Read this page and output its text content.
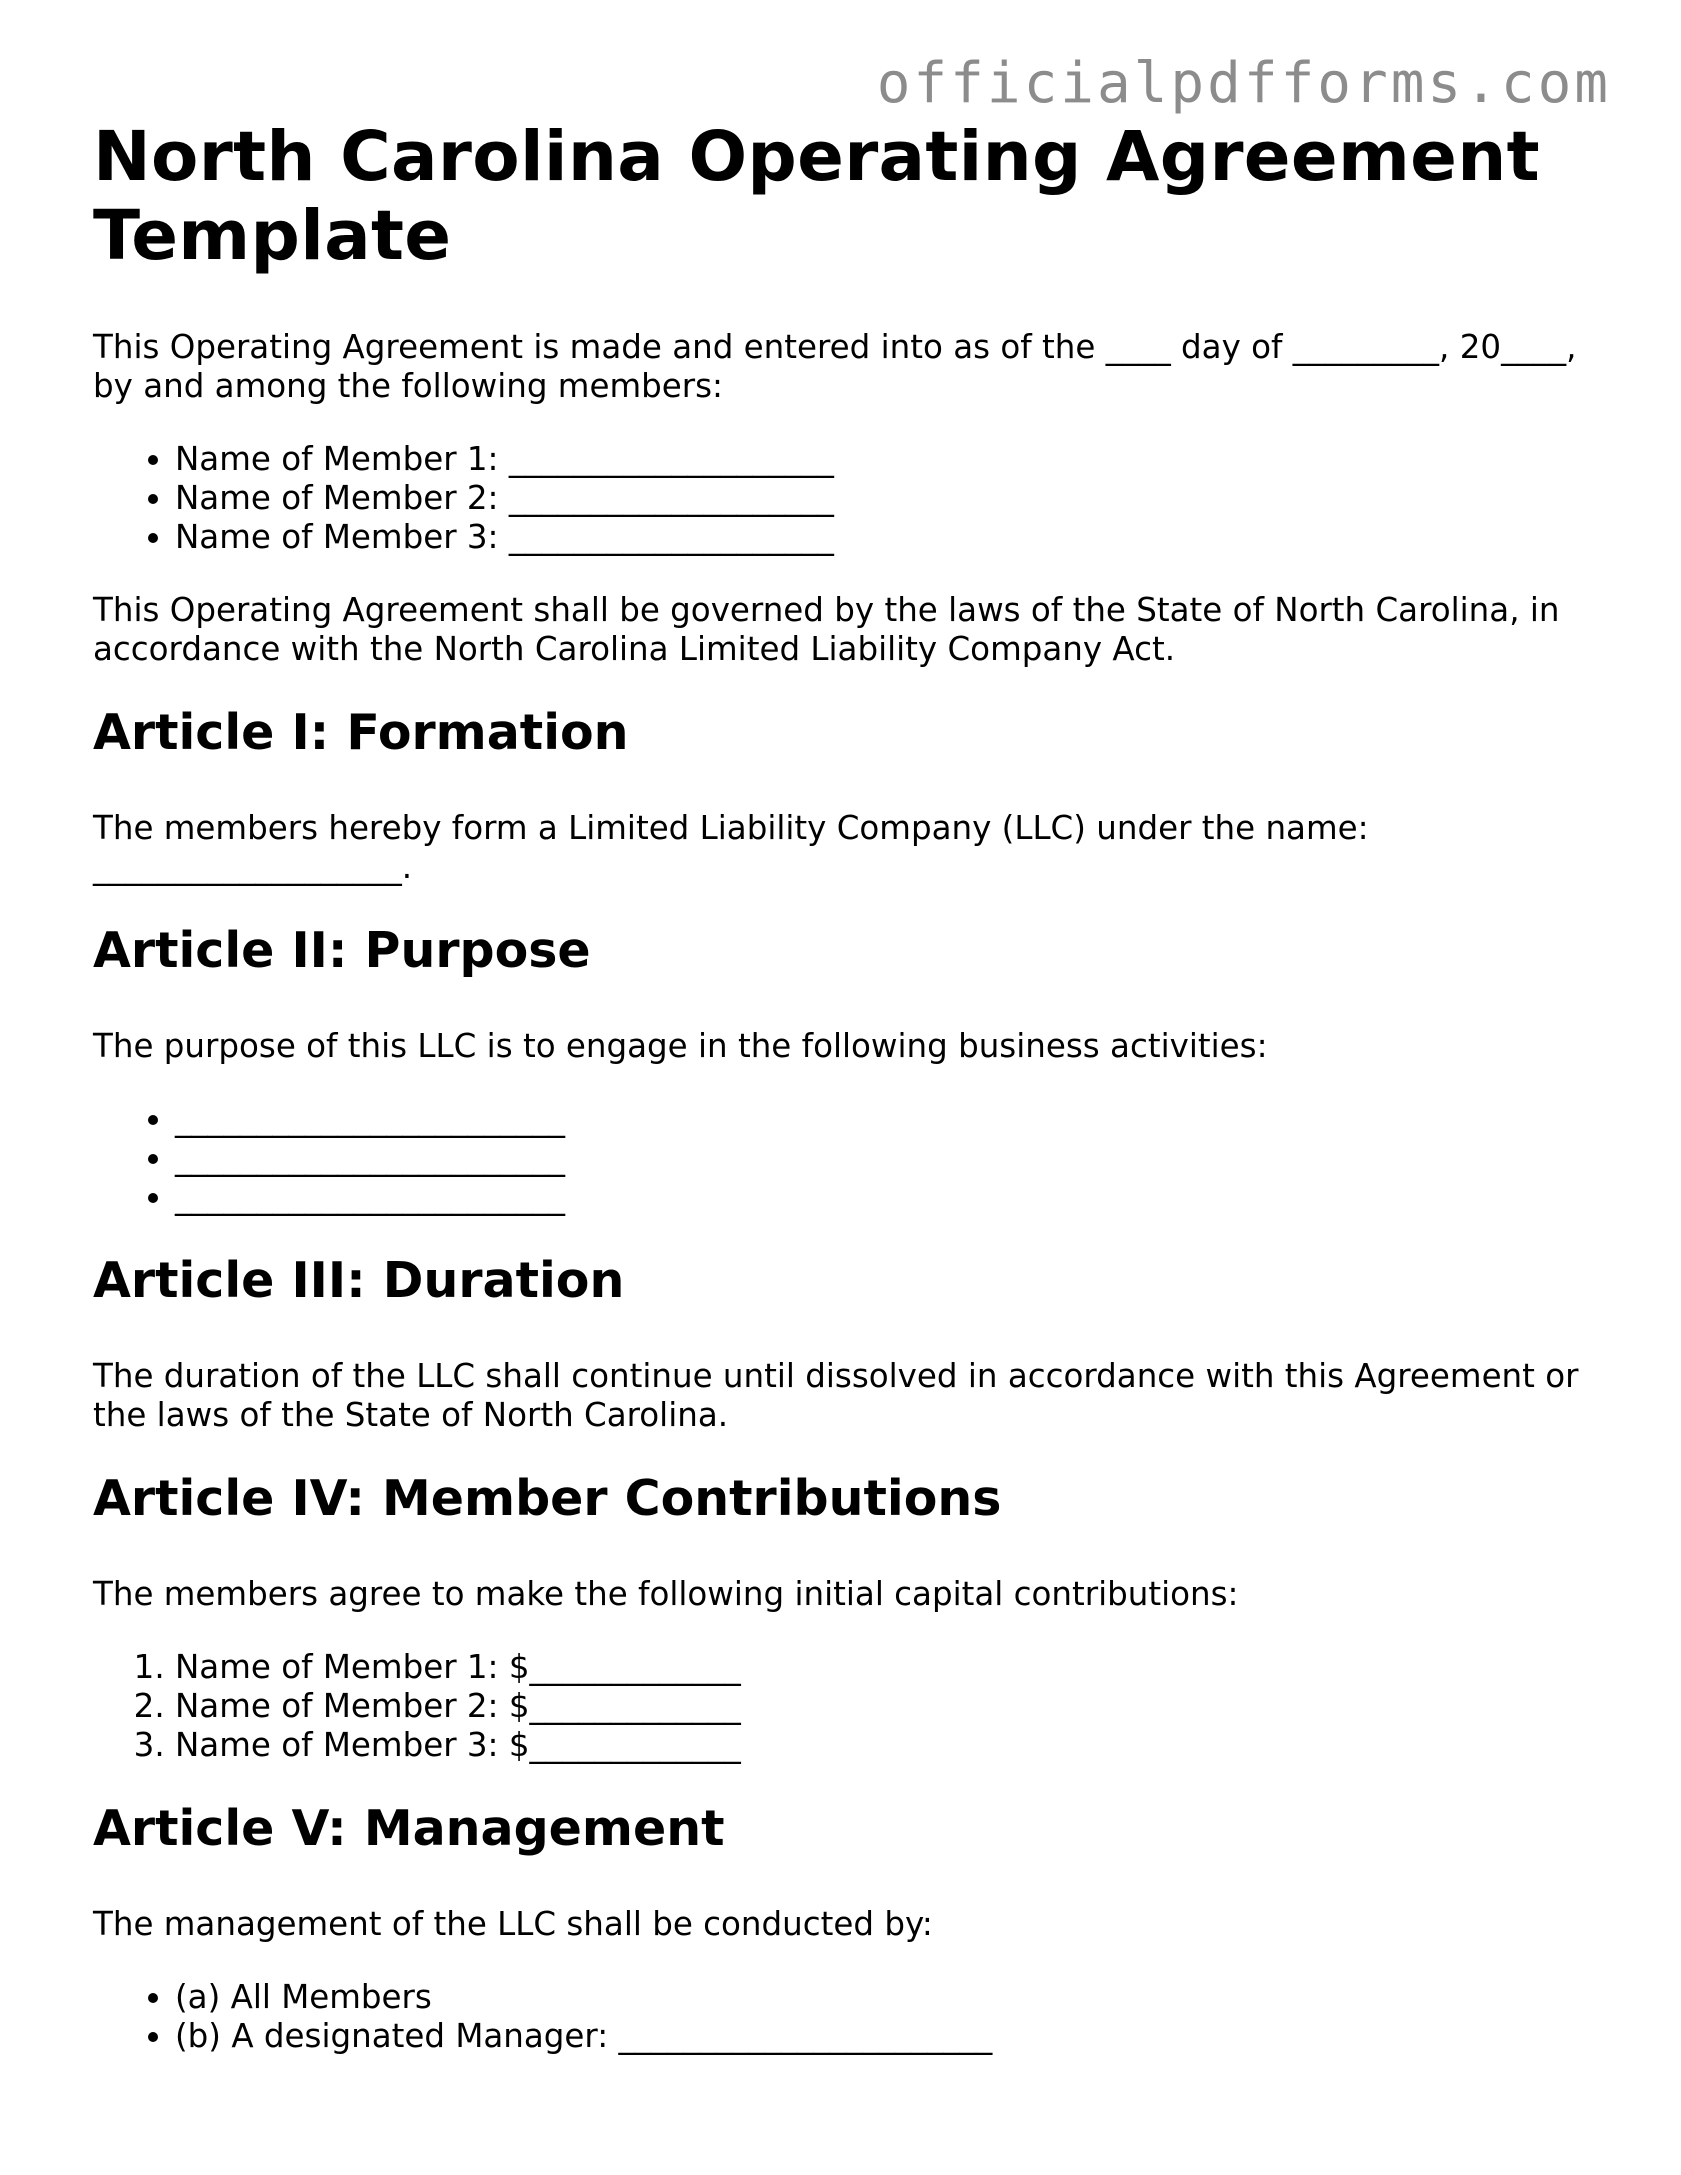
officialpdfforms.com
North Carolina Operating Agreement Template

This Operating Agreement is made and entered into as of the ____ day of _________, 20____, by and among the following members:

• Name of Member 1: ____________________
• Name of Member 2: ____________________
• Name of Member 3: ____________________

This Operating Agreement shall be governed by the laws of the State of North Carolina, in accordance with the North Carolina Limited Liability Company Act.

Article I: Formation

The members hereby form a Limited Liability Company (LLC) under the name: ___________________.

Article II: Purpose

The purpose of this LLC is to engage in the following business activities:

• ________________________
• ________________________
• ________________________
Article III: Duration

The duration of the LLC shall continue until dissolved in accordance with this Agreement or the laws of the State of North Carolina.

Article IV: Member Contributions

The members agree to make the following initial capital contributions:

1. Name of Member 1: $_____________
2. Name of Member 2: $_____________
3. Name of Member 3: $_____________
Article V: Management

The management of the LLC shall be conducted by:

• (a) All Members
• (b) A designated Manager: _______________________
